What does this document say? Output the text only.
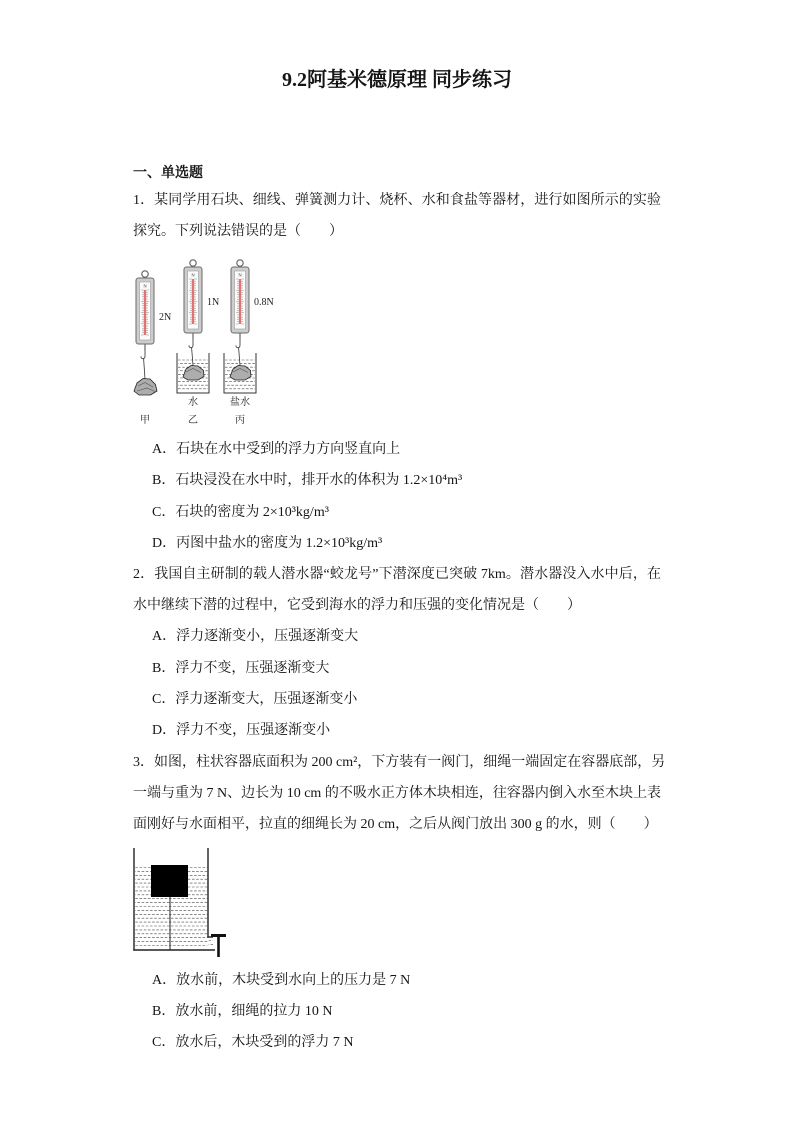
9.2阿基米德原理 同步练习
一、单选题
1．某同学用石块、细线、弹簧测力计、烧杯、水和食盐等器材，进行如图所示的实验
探究。下列说法错误的是（　　）
N
2N
N
1N
N
0.8N
水	盐水
甲	乙	丙
A．石块在水中受到的浮力方向竖直向上
B．石块浸没在水中时，排开水的体积为 1.2×10⁴m³
C．石块的密度为 2×10³kg/m³
D．丙图中盐水的密度为 1.2×10³kg/m³
2．我国自主研制的载人潜水器“蛟龙号”下潜深度已突破 7km。潜水器没入水中后，在
水中继续下潜的过程中，它受到海水的浮力和压强的变化情况是（　　）
A．浮力逐渐变小，压强逐渐变大
B．浮力不变，压强逐渐变大
C．浮力逐渐变大，压强逐渐变小
D．浮力不变，压强逐渐变小
3．如图，柱状容器底面积为 200 cm²，下方装有一阀门，细绳一端固定在容器底部，另
一端与重为 7 N、边长为 10 cm 的不吸水正方体木块相连，往容器内倒入水至木块上表
面刚好与水面相平，拉直的细绳长为 20 cm，之后从阀门放出 300 g 的水，则（　　）
A．放水前，木块受到水向上的压力是 7 N
B．放水前，细绳的拉力 10 N
C．放水后，木块受到的浮力 7 N
